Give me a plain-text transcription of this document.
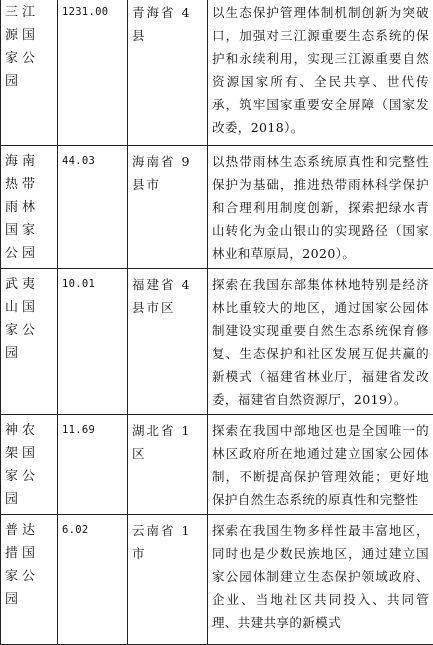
三江源国家公园	1231.00	青海省 4县	以生态保护管理体制机制创新为突破口，加强对三江源重要生态系统的保护和永续利用，实现三江源重要自然资源国家所有、全民共享、世代传承，筑牢国家重要安全屏障（国家发改委，2018）。
海南热带雨林国家公园	44.03	海南省 9 县市	以热带雨林生态系统原真性和完整性保护为基础，推进热带雨林科学保护和合理利用制度创新，探索把绿水青山转化为金山银山的实现路径（国家林业和草原局，2020）。
武夷山国家公园	10.01	福建省 4 县市区	探索在我国东部集体林地特别是经济林比重较大的地区，通过国家公园体制建设实现重要自然生态系统保育修复、生态保护和社区发展互促共赢的新模式（福建省林业厅，福建省发改委，福建省自然资源厅，2019）。
神农架国家公园	11.69	湖北省 1区	探索在我国中部地区也是全国唯一的林区政府所在地通过建立国家公园体制，不断提高保护管理效能；更好地保护自然生态系统的原真性和完整性
普达措国家公园	6.02	云南省 1市	探索在我国生物多样性最丰富地区，同时也是少数民族地区，通过建立国家公园体制建立生态保护领域政府、企业、当地社区共同投入、共同管理、共建共享的新模式
